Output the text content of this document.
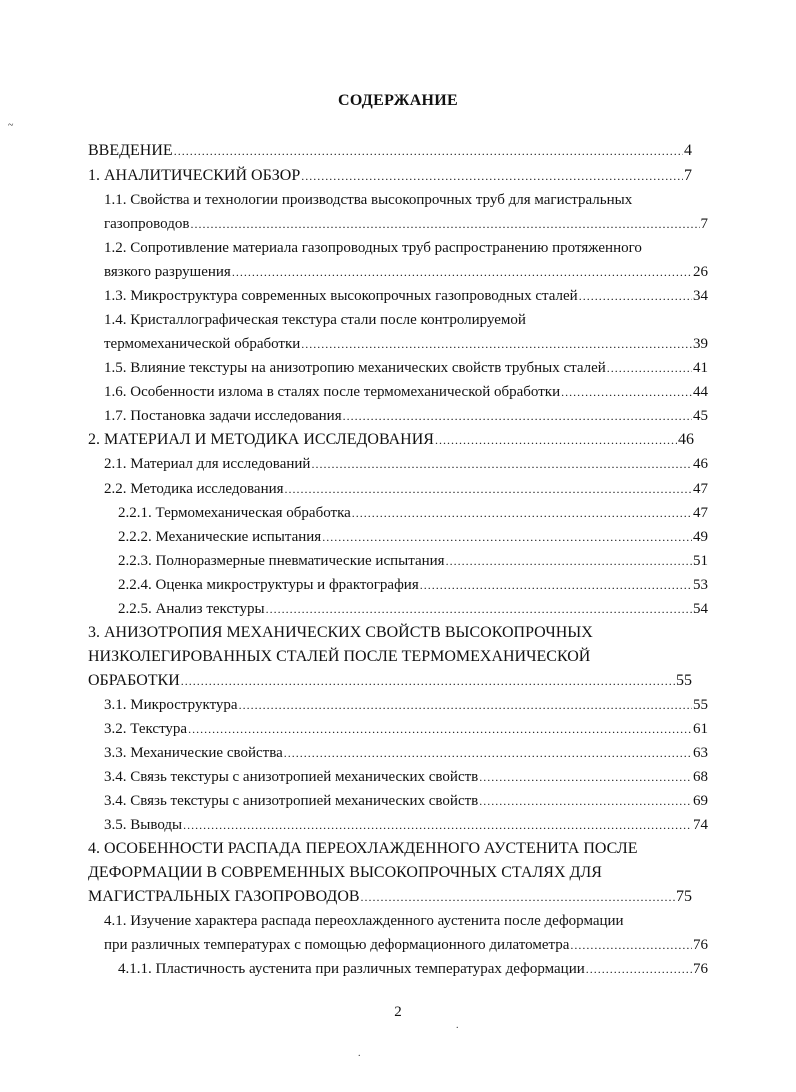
СОДЕРЖАНИЕ
ВВЕДЕНИЕ .....	4
1. АНАЛИТИЧЕСКИЙ ОБЗОР .....	7
1.1. Свойства и технологии производства высокопрочных труб для магистральных
газопроводов .....	7
1.2. Сопротивление материала газопроводных труб распространению протяженного
вязкого разрушения .....	26
1.3. Микроструктура современных высокопрочных газопроводных сталей .....	34
1.4. Кристаллографическая текстура стали после контролируемой
термомеханической обработки .....	39
1.5. Влияние текстуры на анизотропию механических свойств трубных сталей .....	41
1.6. Особенности излома в сталях после термомеханической обработки .....	44
1.7. Постановка задачи исследования .....	45
2. МАТЕРИАЛ И МЕТОДИКА ИССЛЕДОВАНИЯ .....	46
2.1. Материал для исследований .....	46
2.2. Методика исследования .....	47
2.2.1. Термомеханическая обработка .....	47
2.2.2. Механические испытания .....	49
2.2.3. Полноразмерные пневматические испытания .....	51
2.2.4. Оценка микроструктуры и фрактография .....	53
2.2.5. Анализ текстуры .....	54
3. АНИЗОТРОПИЯ МЕХАНИЧЕСКИХ СВОЙСТВ ВЫСОКОПРОЧНЫХ
НИЗКОЛЕГИРОВАННЫХ СТАЛЕЙ ПОСЛЕ ТЕРМОМЕХАНИЧЕСКОЙ
ОБРАБОТКИ .....	55
3.1. Микроструктура .....	55
3.2. Текстура .....	61
3.3. Механические свойства .....	63
3.4. Связь текстуры с анизотропией механических свойств .....	68
3.4. Связь текстуры с анизотропией механических свойств .....	69
3.5. Выводы .....	74
4. ОСОБЕННОСТИ РАСПАДА ПЕРЕОХЛАЖДЕННОГО АУСТЕНИТА ПОСЛЕ
ДЕФОРМАЦИИ В СОВРЕМЕННЫХ ВЫСОКОПРОЧНЫХ СТАЛЯХ ДЛЯ
МАГИСТРАЛЬНЫХ ГАЗОПРОВОДОВ .....	75
4.1. Изучение характера распада переохлажденного аустенита после деформации
при различных температурах с помощью деформационного дилатометра .....	76
4.1.1. Пластичность аустенита при различных температурах деформации .....	76
2
~
.
.
